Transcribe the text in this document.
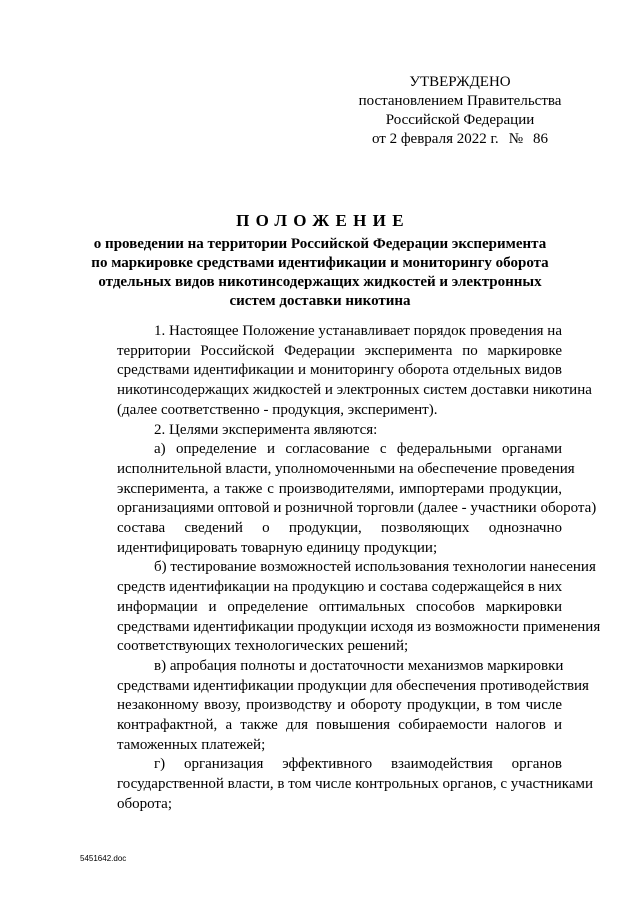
УТВЕРЖДЕНО
постановлением Правительства
Российской Федерации
от 2 февраля 2022 г. № 86
ПОЛОЖЕНИЕ
о проведении на территории Российской Федерации эксперимента
по маркировке средствами идентификации и мониторингу оборота
отдельных видов никотинсодержащих жидкостей и электронных
систем доставки никотина
1. Настоящее Положение устанавливает порядок проведения на
территории Российской Федерации эксперимента по маркировке
средствами идентификации и мониторингу оборота отдельных видов
никотинсодержащих жидкостей и электронных систем доставки никотина
(далее соответственно - продукция, эксперимент).
2. Целями эксперимента являются:
а) определение и согласование с федеральными органами
исполнительной власти, уполномоченными на обеспечение проведения
эксперимента, а также с производителями, импортерами продукции,
организациями оптовой и розничной торговли (далее - участники оборота)
состава сведений о продукции, позволяющих однозначно
идентифицировать товарную единицу продукции;
б) тестирование возможностей использования технологии нанесения
средств идентификации на продукцию и состава содержащейся в них
информации и определение оптимальных способов маркировки
средствами идентификации продукции исходя из возможности применения
соответствующих технологических решений;
в) апробация полноты и достаточности механизмов маркировки
средствами идентификации продукции для обеспечения противодействия
незаконному ввозу, производству и обороту продукции, в том числе
контрафактной, а также для повышения собираемости налогов и
таможенных платежей;
г) организация эффективного взаимодействия органов
государственной власти, в том числе контрольных органов, с участниками
оборота;
5451642.doc
